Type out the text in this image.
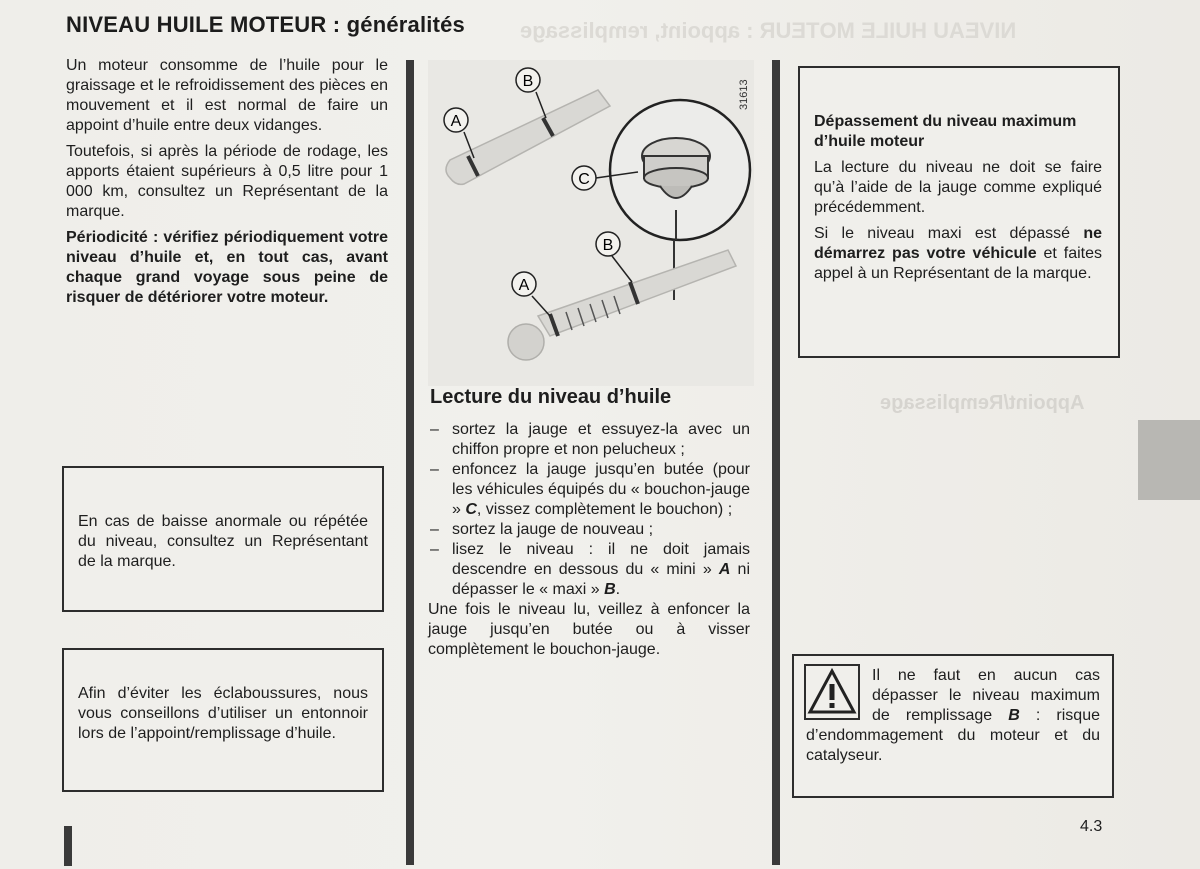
NIVEAU HUILE MOTEUR : appoint, remplissage
Appoint/Remplissage
NIVEAU HUILE MOTEUR : généralités

Un moteur consomme de l’huile pour le graissage et le refroidissement des pièces en mouvement et il est normal de faire un appoint d’huile entre deux vidanges.

Toutefois, si après la période de rodage, les apports étaient supérieurs à 0,5 litre pour 1 000 km, consultez un Représentant de la marque.

Périodicité : vérifiez périodiquement votre niveau d’huile et, en tout cas, avant chaque grand voyage sous peine de risquer de détériorer votre moteur.

En cas de baisse anormale ou répétée du niveau, consultez un Représentant de la marque.

Afin d’éviter les éclaboussures, nous vous conseillons d’utiliser un entonnoir lors de l’appoint/remplissage d’huile.

A
B
C
B
A
31613
Lecture du niveau d’huile
– sortez la jauge et essuyez-la avec un chiffon propre et non pelucheux ;
– enfoncez la jauge jusqu’en butée (pour les véhicules équipés du « bouchon-jauge » C, vissez complètement le bouchon) ;
– sortez la jauge de nouveau ;
– lisez le niveau : il ne doit jamais descendre en dessous du « mini » A ni dépasser le « maxi » B.

Une fois le niveau lu, veillez à enfoncer la jauge jusqu’en butée ou à visser complètement le bouchon-jauge.

Dépassement du niveau maximum d’huile moteur

La lecture du niveau ne doit se faire qu’à l’aide de la jauge comme expliqué précédemment.

Si le niveau maxi est dépassé ne démarrez pas votre véhicule et faites appel à un Représentant de la marque.

Il ne faut en aucun cas dépasser le niveau maximum de remplissage B : risque d’endommagement du moteur et du catalyseur.
4.3
